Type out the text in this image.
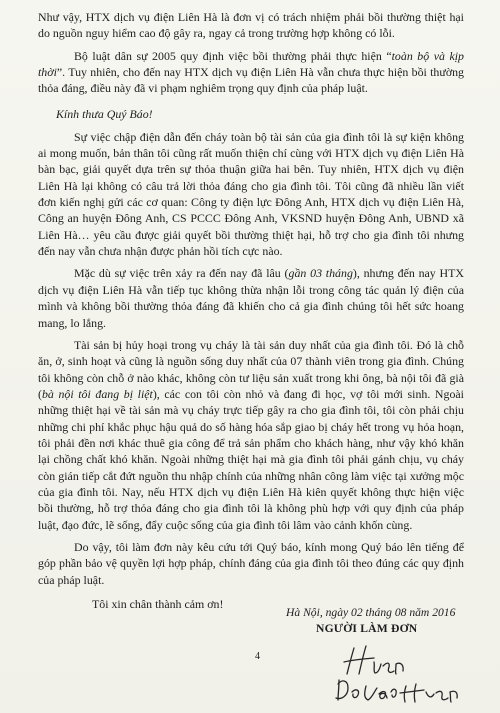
Như vậy, HTX dịch vụ điện Liên Hà là đơn vị có trách nhiệm phải bồi thường thiệt hại do nguồn nguy hiểm cao độ gây ra, ngay cả trong trường hợp không có lỗi.

Bộ luật dân sự 2005 quy định việc bồi thường phải thực hiện “toàn bộ và kịp thời”. Tuy nhiên, cho đến nay HTX dịch vụ điện Liên Hà vẫn chưa thực hiện bồi thường thỏa đáng, điều này đã vi phạm nghiêm trọng quy định của pháp luật.

Kính thưa Quý Báo!

Sự việc chập điện dẫn đến cháy toàn bộ tài sản của gia đình tôi là sự kiện không ai mong muốn, bản thân tôi cũng rất muốn thiện chí cùng với HTX dịch vụ điện Liên Hà bàn bạc, giải quyết dựa trên sự thỏa thuận giữa hai bên. Tuy nhiên, HTX dịch vụ điện Liên Hà lại không có câu trả lời thỏa đáng cho gia đình tôi. Tôi cũng đã nhiều lần viết đơn kiến nghị gửi các cơ quan: Công ty điện lực Đông Anh, HTX dịch vụ điện Liên Hà, Công an huyện Đông Anh, CS PCCC Đông Anh, VKSND huyện Đông Anh, UBND xã Liên Hà… yêu cầu được giải quyết bồi thường thiệt hại, hỗ trợ cho gia đình tôi nhưng đến nay vẫn chưa nhận được phản hồi tích cực nào.

Mặc dù sự việc trên xảy ra đến nay đã lâu (gần 03 tháng), nhưng đến nay HTX dịch vụ điện Liên Hà vẫn tiếp tục không thừa nhận lỗi trong công tác quản lý điện của mình và không bồi thường thỏa đáng đã khiến cho cả gia đình chúng tôi hết sức hoang mang, lo lắng.

Tài sản bị hủy hoại trong vụ cháy là tài sản duy nhất của gia đình tôi. Đó là chỗ ăn, ở, sinh hoạt và cũng là nguồn sống duy nhất của 07 thành viên trong gia đình. Chúng tôi không còn chỗ ở nào khác, không còn tư liệu sản xuất trong khi ông, bà nội tôi đã già (bà nội tôi đang bị liệt), các con tôi còn nhỏ và đang đi học, vợ tôi mới sinh. Ngoài những thiệt hại về tài sản mà vụ cháy trực tiếp gây ra cho gia đình tôi, tôi còn phải chịu những chi phí khắc phục hậu quả do số hàng hóa sắp giao bị cháy hết trong vụ hỏa hoạn, tôi phải đền nơi khác thuê gia công để trả sản phẩm cho khách hàng, như vậy khó khăn lại chồng chất khó khăn. Ngoài những thiệt hại mà gia đình tôi phải gánh chịu, vụ cháy còn gián tiếp cắt đứt nguồn thu nhập chính của những nhân công làm việc tại xưởng mộc của gia đình tôi. Nay, nếu HTX dịch vụ điện Liên Hà kiên quyết không thực hiện việc bồi thường, hỗ trợ thỏa đáng cho gia đình tôi là không phù hợp với quy định của pháp luật, đạo đức, lẽ sống, đẩy cuộc sống của gia đình tôi lâm vào cảnh khốn cùng.

Do vậy, tôi làm đơn này kêu cứu tới Quý báo, kính mong Quý báo lên tiếng để góp phần bảo vệ quyền lợi hợp pháp, chính đáng của gia đình tôi theo đúng các quy định của pháp luật.

Tôi xin chân thành cảm ơn!
Hà Nội, ngày 02 tháng 08 năm 2016
NGƯỜI LÀM ĐƠN
4
